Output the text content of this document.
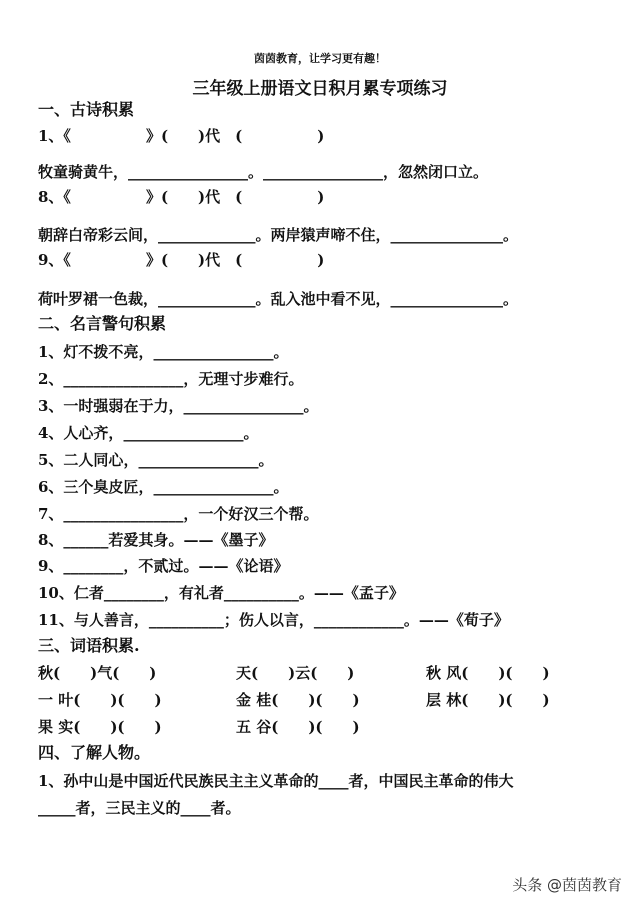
茵茵教育，让学习更有趣！
三年级上册语文日积月累专项练习
一、古诗积累
1、《　　　　　》(　　)代　(　　　　　)
牧童骑黄牛，________________。________________，忽然闭口立。
8、《　　　　　》(　　)代　(　　　　　)
朝辞白帝彩云间，_____________。两岸猿声啼不住，_______________。
9、《　　　　　》(　　)代　(　　　　　)
荷叶罗裙一色裁，_____________。乱入池中看不见，_______________。
二、名言警句积累
1、灯不拨不亮，________________。
2、________________，无理寸步难行。
3、一时强弱在于力，________________。
4、人心齐，________________。
5、二人同心，________________。
6、三个臭皮匠，________________。
7、________________，一个好汉三个帮。
8、______若爱其身。——《墨子》
9、________，不贰过。——《论语》
10、仁者________，有礼者__________。——《孟子》
11、与人善言，__________；伤人以言，____________。——《荀子》
三、词语积累.
秋(　　)气(　　)	天(　　)云(　　)	秋 风(　　)(　　)
一 叶(　　)(　　)	金 桂(　　)(　　)	层 林(　　)(　　)
果 实(　　)(　　)	五 谷(　　)(　　)
四、了解人物。
1、孙中山是中国近代民族民主主义革命的____者，中国民主革命的伟大
_____者，三民主义的____者。
头条 @茵茵教育
